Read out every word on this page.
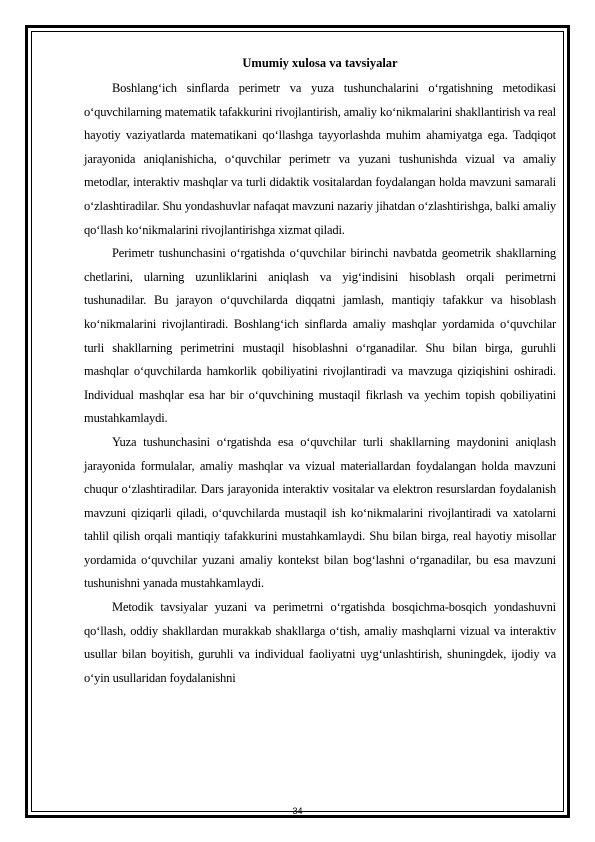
Umumiy xulosa va tavsiyalar

Boshlang‘ich sinflarda perimetr va yuza tushunchalarini o‘rgatishning metodikasi o‘quvchilarning matematik tafakkurini rivojlantirish, amaliy ko‘nikmalarini shakllantirish va real hayotiy vaziyatlarda matematikani qo‘llashga tayyorlashda muhim ahamiyatga ega. Tadqiqot jarayonida aniqlanishicha, o‘quvchilar perimetr va yuzani tushunishda vizual va amaliy metodlar, interaktiv mashqlar va turli didaktik vositalardan foydalangan holda mavzuni samarali o‘zlashtiradilar. Shu yondashuvlar nafaqat mavzuni nazariy jihatdan o‘zlashtirishga, balki amaliy qo‘llash ko‘nikmalarini rivojlantirishga xizmat qiladi.

Perimetr tushunchasini o‘rgatishda o‘quvchilar birinchi navbatda geometrik shakllarning chetlarini, ularning uzunliklarini aniqlash va yig‘indisini hisoblash orqali perimetrni tushunadilar. Bu jarayon o‘quvchilarda diqqatni jamlash, mantiqiy tafakkur va hisoblash ko‘nikmalarini rivojlantiradi. Boshlang‘ich sinflarda amaliy mashqlar yordamida o‘quvchilar turli shakllarning perimetrini mustaqil hisoblashni o‘rganadilar. Shu bilan birga, guruhli mashqlar o‘quvchilarda hamkorlik qobiliyatini rivojlantiradi va mavzuga qiziqishini oshiradi. Individual mashqlar esa har bir o‘quvchining mustaqil fikrlash va yechim topish qobiliyatini mustahkamlaydi.

Yuza tushunchasini o‘rgatishda esa o‘quvchilar turli shakllarning maydonini aniqlash jarayonida formulalar, amaliy mashqlar va vizual materiallardan foydalangan holda mavzuni chuqur o‘zlashtiradilar. Dars jarayonida interaktiv vositalar va elektron resurslardan foydalanish mavzuni qiziqarli qiladi, o‘quvchilarda mustaqil ish ko‘nikmalarini rivojlantiradi va xatolarni tahlil qilish orqali mantiqiy tafakkurini mustahkamlaydi. Shu bilan birga, real hayotiy misollar yordamida o‘quvchilar yuzani amaliy kontekst bilan bog‘lashni o‘rganadilar, bu esa mavzuni tushunishni yanada mustahkamlaydi.

Metodik tavsiyalar yuzani va perimetrni o‘rgatishda bosqichma-bosqich yondashuvni qo‘llash, oddiy shakllardan murakkab shakllarga o‘tish, amaliy mashqlarni vizual va interaktiv usullar bilan boyitish, guruhli va individual faoliyatni uyg‘unlashtirish, shuningdek, ijodiy va o‘yin usullaridan foydalanishni

34
